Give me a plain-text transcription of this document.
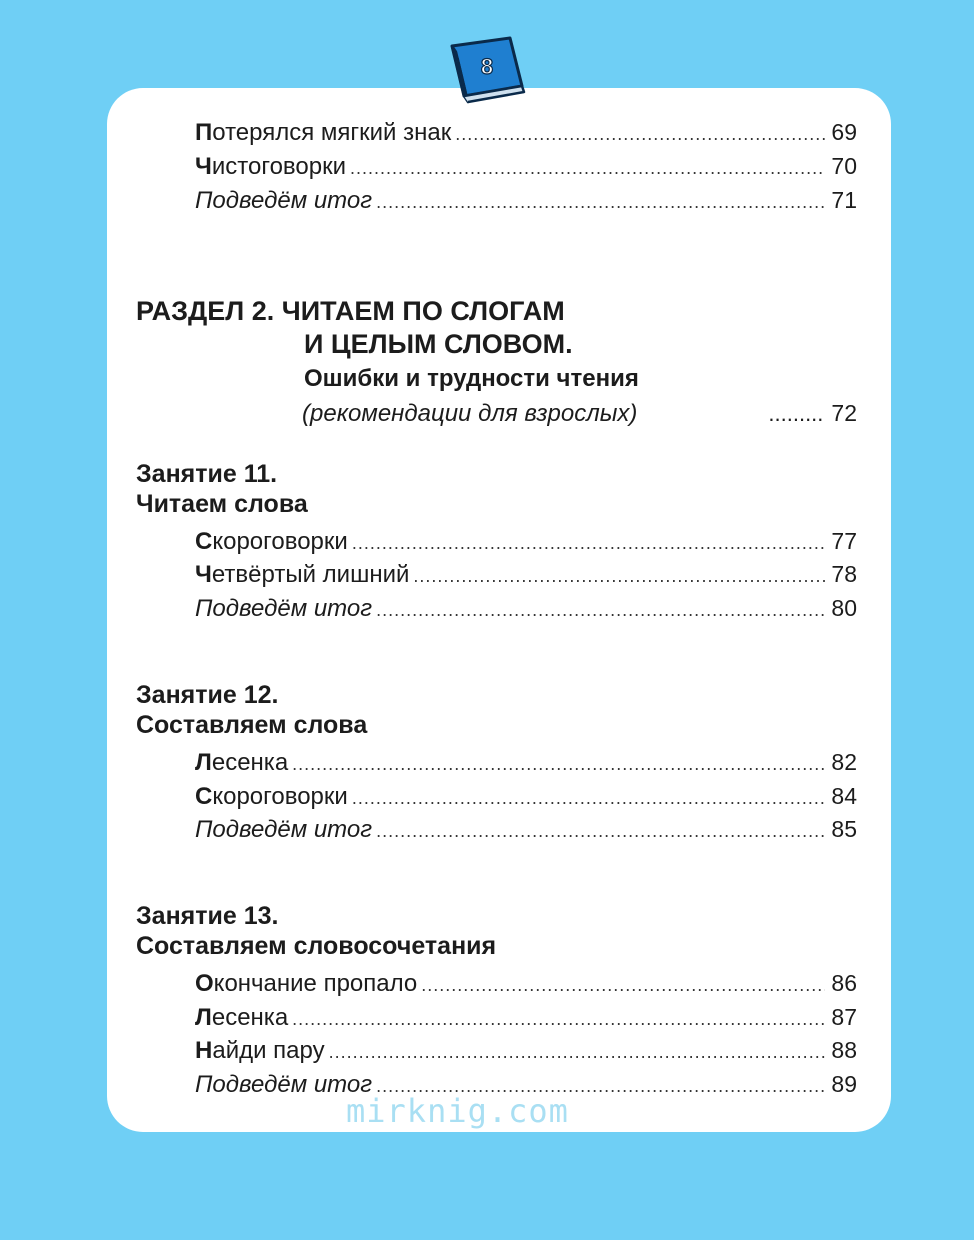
8
Потерялся мягкий знак .....	69
Чистоговорки .....	70
Подведём итог .....	71
РАЗДЕЛ 2. ЧИТАЕМ ПО СЛОГАМ
И ЦЕЛЫМ СЛОВОМ.
Ошибки и трудности чтения
(рекомендации для взрослых)	......... 72
Занятие 11.
Читаем слова
Скороговорки .....	77
Четвёртый лишний .....	78
Подведём итог .....	80
Занятие 12.
Составляем слова
Лесенка .....	82
Скороговорки .....	84
Подведём итог .....	85
Занятие 13.
Составляем словосочетания
Окончание пропало .....	86
Лесенка .....	87
Найди пару .....	88
Подведём итог .....	89
mirknig.com
